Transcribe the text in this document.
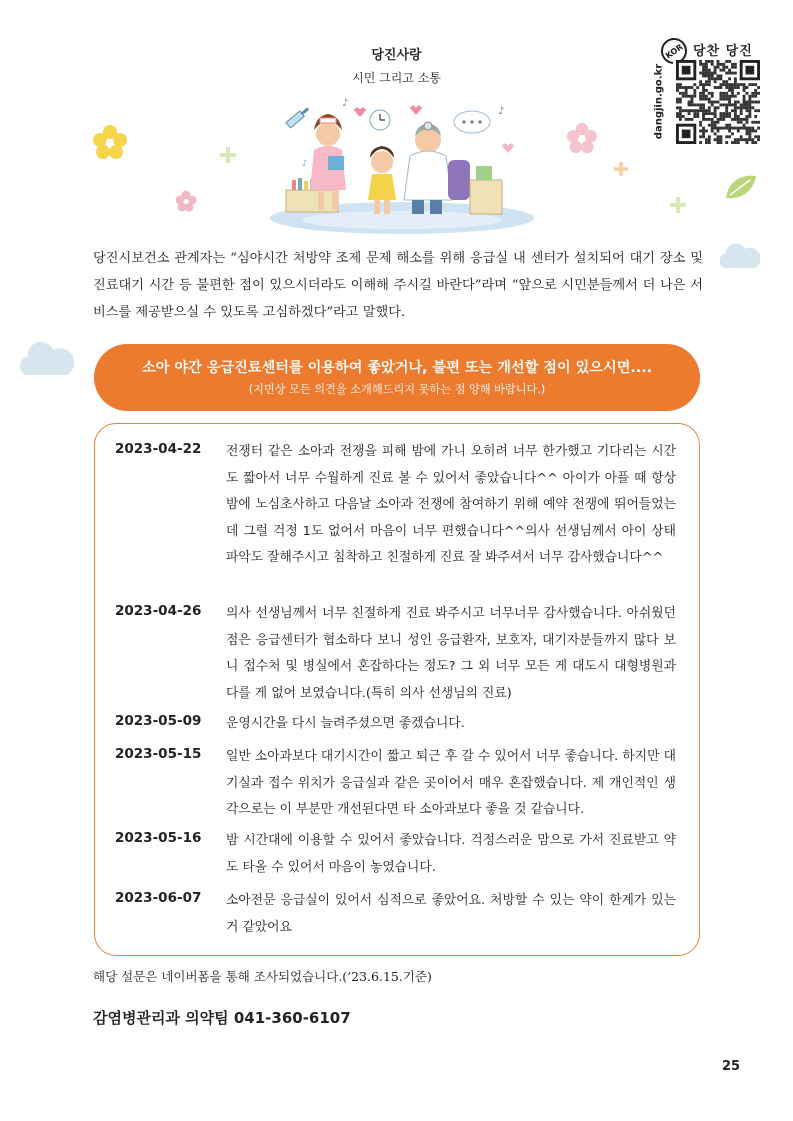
당진사랑
시민 그리고 소통
KOR 당찬 당진
dangjin.go.kr
♪
♪
♪

당진시보건소 관계자는 “심야시간 처방약 조제 문제 해소를 위해 응급실 내 센터가 설치되어 대기 장소 및 진료대기 시간 등 불편한 점이 있으시더라도 이해해 주시길 바란다”라며 “앞으로 시민분들께서 더 나은 서비스를 제공받으실 수 있도록 고심하겠다”라고 말했다.

소아 야간 응급진료센터를 이용하여 좋았거나, 불편 또는 개선할 점이 있으시면....
(지면상 모든 의견을 소개해드리지 못하는 점 양해 바랍니다.)
2023-04-22 전쟁터 같은 소아과 전쟁을 피해 밤에 가니 오히려 너무 한가했고 기다리는 시간도 짧아서 너무 수월하게 진료 볼 수 있어서 좋았습니다^^ 아이가 아플 때 항상 밤에 노심초사하고 다음날 소아과 전쟁에 참여하기 위해 예약 전쟁에 뛰어들었는데 그럴 걱정 1도 없어서 마음이 너무 편했습니다^^의사 선생님께서 아이 상태 파악도 잘해주시고 침착하고 친절하게 진료 잘 봐주셔서 너무 감사했습니다^^
2023-04-26 의사 선생님께서 너무 친절하게 진료 봐주시고 너무너무 감사했습니다. 아쉬웠던 점은 응급센터가 협소하다 보니 성인 응급환자, 보호자, 대기자분들까지 많다 보니 접수처 및 병실에서 혼잡하다는 정도? 그 외 너무 모든 게 대도시 대형병원과 다를 게 없어 보였습니다.(특히 의사 선생님의 진료)
2023-05-09 운영시간을 다시 늘려주셨으면 좋겠습니다.
2023-05-15 일반 소아과보다 대기시간이 짧고 퇴근 후 갈 수 있어서 너무 좋습니다. 하지만 대기실과 접수 위치가 응급실과 같은 곳이어서 매우 혼잡했습니다. 제 개인적인 생각으로는 이 부분만 개선된다면 타 소아과보다 좋을 것 같습니다.
2023-05-16 밤 시간대에 이용할 수 있어서 좋았습니다. 걱정스러운 맘으로 가서 진료받고 약도 타올 수 있어서 마음이 놓였습니다.
2023-06-07 소아전문 응급실이 있어서 심적으로 좋았어요. 처방할 수 있는 약이 한계가 있는 거 같았어요
해당 설문은 네이버폼을 통해 조사되었습니다.(‘23.6.15.기준)
감염병관리과 의약팀 041-360-6107
25
